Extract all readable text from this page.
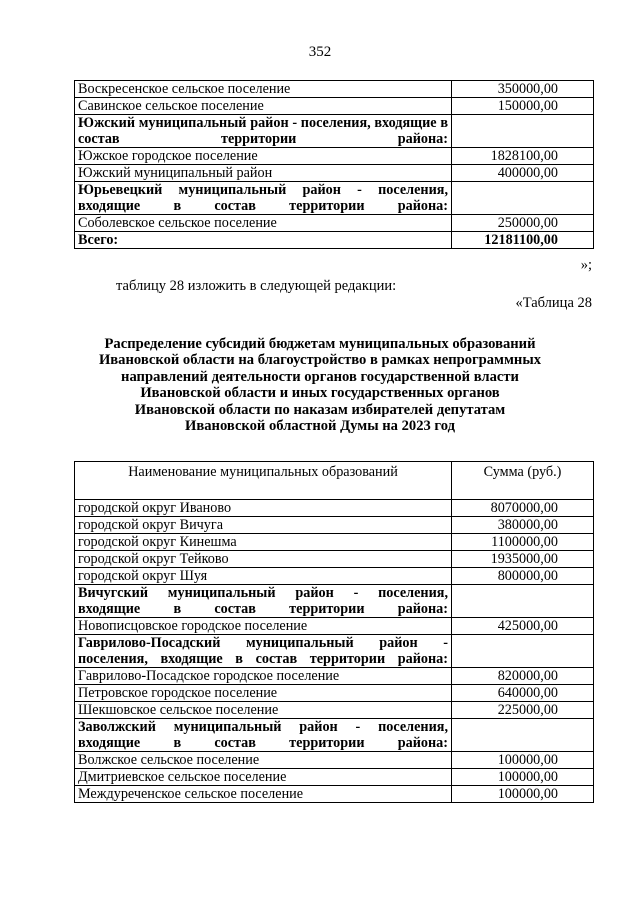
352
Воскресенское сельское поселение	350000,00
Савинское сельское поселение	150000,00
Южский муниципальный район - поселения, входящие в состав территории района:	
Южское городское поселение	1828100,00
Южский муниципальный район	400000,00
Юрьевецкий муниципальный район - поселения, входящие в состав территории района:	
Соболевское сельское поселение	250000,00
Всего:	12181100,00
»;
таблицу 28 изложить в следующей редакции:
«Таблица 28
Распределение субсидий бюджетам муниципальных образований
Ивановской области на благоустройство в рамках непрограммных
направлений деятельности органов государственной власти
Ивановской области и иных государственных органов
Ивановской области по наказам избирателей депутатам
Ивановской областной Думы на 2023 год
Наименование муниципальных образований	Сумма (руб.)
городской округ Иваново	8070000,00
городской округ Вичуга	380000,00
городской округ Кинешма	1100000,00
городской округ Тейково	1935000,00
городской округ Шуя	800000,00
Вичугский муниципальный район - поселения, входящие в состав территории района:	
Новописцовское городское поселение	425000,00
Гаврилово-Посадский муниципальный район - поселения, входящие в состав территории района:	
Гаврилово-Посадское городское поселение	820000,00
Петровское городское поселение	640000,00
Шекшовское сельское поселение	225000,00
Заволжский муниципальный район - поселения, входящие в состав территории района:	
Волжское сельское поселение	100000,00
Дмитриевское сельское поселение	100000,00
Междуреченское сельское поселение	100000,00
